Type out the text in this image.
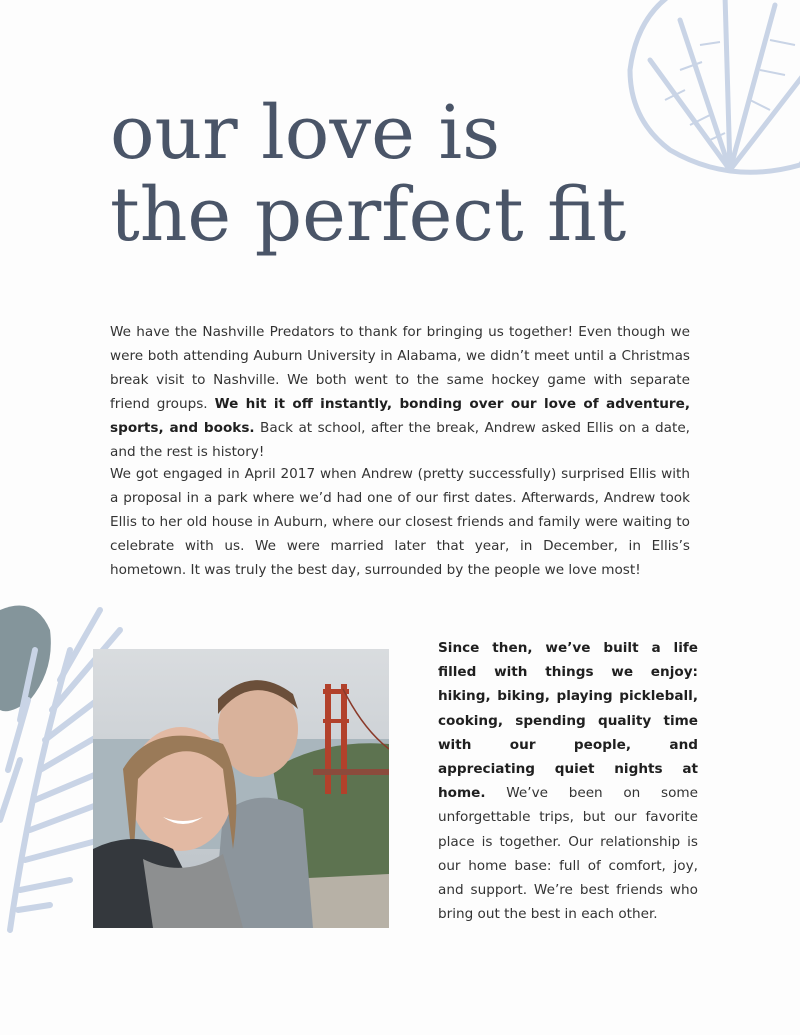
our love is
the perfect fit

We have the Nashville Predators to thank for bringing us together! Even though we were both attending Auburn University in Alabama, we didn’t meet until a Christmas break visit to Nashville. We both went to the same hockey game with separate friend groups. We hit it off instantly, bonding over our love of adventure, sports, and books. Back at school, after the break, Andrew asked Ellis on a date, and the rest is history!

We got engaged in April 2017 when Andrew (pretty successfully) surprised Ellis with a proposal in a park where we’d had one of our first dates. Afterwards, Andrew took Ellis to her old house in Auburn, where our closest friends and family were waiting to celebrate with us. We were married later that year, in December, in Ellis’s hometown. It was truly the best day, surrounded by the people we love most!

Since then, we’ve built a life filled with things we enjoy: hiking, biking, playing pickleball, cooking, spending quality time with our people, and appreciating quiet nights at home. We’ve been on some unforgettable trips, but our favorite place is together. Our relationship is our home base: full of comfort, joy, and support. We’re best friends who bring out the best in each other.
